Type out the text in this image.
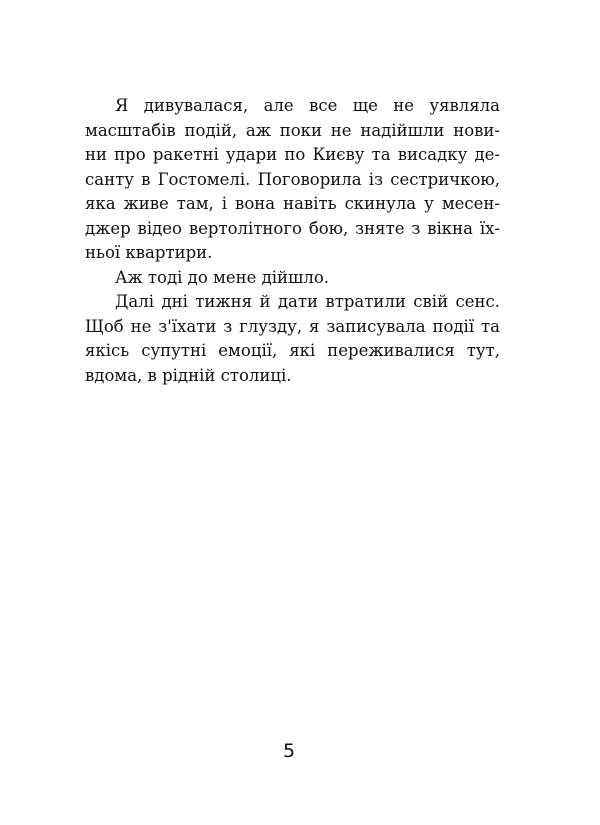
Я дивувалася, але все ще не уявляла
масштабів подій, аж поки не надійшли нови-
ни про ракетні удари по Києву та висадку де-
санту в Гостомелі. Поговорила із сестричкою,
яка живе там, і вона навіть скинула у месен-
джер відео вертолітного бою, зняте з вікна їх-
ньої квартири.
Аж тоді до мене дійшло.
Далі дні тижня й дати втратили свій сенс.
Щоб не з'їхати з глузду, я записувала події та
якісь супутні емоції, які переживалися тут,
вдома, в рідній столиці.
5
